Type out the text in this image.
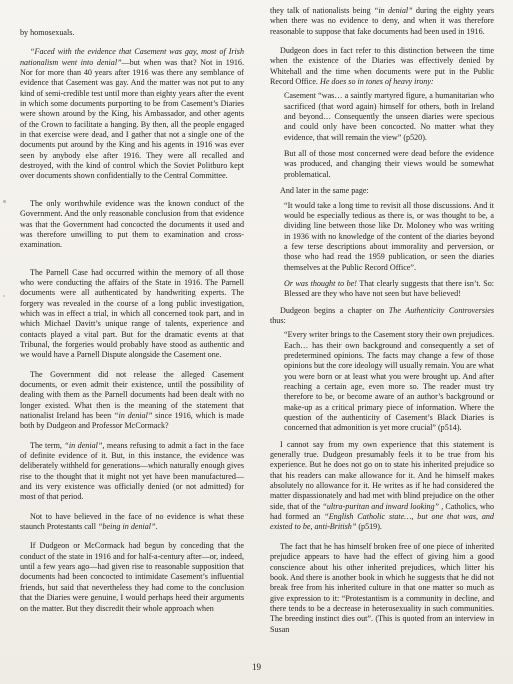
by homosexuals.

“Faced with the evidence that Casement was gay, most of Irish nationalism went into denial”—but when was that? Not in 1916. Nor for more than 40 years after 1916 was there any semblance of evidence that Casement was gay. And the matter was not put to any kind of semi-credible test until more than eighty years after the event in which some documents purporting to be from Casement’s Diaries were shown around by the King, his Ambassador, and other agents of the Crown to facilitate a hanging. By then, all the people engaged in that exercise were dead, and I gather that not a single one of the documents put around by the King and his agents in 1916 was ever seen by anybody else after 1916. They were all recalled and destroyed, with the kind of control which the Soviet Politburo kept over documents shown confidentially to the Central Committee.

The only worthwhile evidence was the known conduct of the Government. And the only reasonable conclusion from that evidence was that the Government had concocted the documents it used and was therefore unwilling to put them to examination and cross-examination.

The Parnell Case had occurred within the memory of all those who were conducting the affairs of the State in 1916. The Parnell documents were all authenticated by handwriting experts. The forgery was revealed in the course of a long public investigation, which was in effect a trial, in which all concerned took part, and in which Michael Davitt’s unique range of talents, experience and contacts played a vital part. But for the dramatic events at that Tribunal, the forgeries would probably have stood as authentic and we would have a Parnell Dispute alongside the Casement one.

The Government did not release the alleged Casement documents, or even admit their existence, until the possibility of dealing with them as the Parnell documents had been dealt with no longer existed. What then is the meaning of the statement that nationalist Ireland has been “in denial” since 1916, which is made both by Dudgeon and Professor McCormack?

The term, “in denial”, means refusing to admit a fact in the face of definite evidence of it. But, in this instance, the evidence was deliberately withheld for generations—which naturally enough gives rise to the thought that it might not yet have been manufactured—and its very existence was officially denied (or not admitted) for most of that period.

Not to have believed in the face of no evidence is what these staunch Protestants call “being in denial”.

If Dudgeon or McCormack had begun by conceding that the conduct of the state in 1916 and for half-a-century after—or, indeed, until a few years ago—had given rise to reasonable supposition that documents had been concocted to intimidate Casement’s influential friends, but said that nevertheless they had come to the conclusion that the Diaries were genuine, I would perhaps heed their arguments on the matter. But they discredit their whole approach when

they talk of nationalists being “in denial” during the eighty years when there was no evidence to deny, and when it was therefore reasonable to suppose that fake documents had been used in 1916.

Dudgeon does in fact refer to this distinction between the time when the existence of the Diaries was effectively denied by Whitehall and the time when documents were put in the Public Record Office. He does so in tones of heavy irony:

Casement “was… a saintly martyred figure, a humanitarian who sacrificed (that word again) himself for others, both in Ireland and beyond… Consequently the unseen diaries were specious and could only have been concocted. No matter what they evidence, that will remain the view” (p520).

But all of those most concerned were dead before the evidence was produced, and changing their views would be somewhat problematical.

And later in the same page:

“It would take a long time to revisit all those discussions. And it would be especially tedious as there is, or was thought to be, a dividing line between those like Dr. Moloney who was writing in 1936 with no knowledge of the content of the diaries beyond a few terse descriptions about immorality and perversion, or those who had read the 1959 publication, or seen the diaries themselves at the Public Record Office”.

Or was thought to be! That clearly suggests that there isn’t. So: Blessed are they who have not seen but have believed!

Dudgeon begins a chapter on The Authenticity Controversies thus:

“Every writer brings to the Casement story their own prejudices. Each… has their own background and consequently a set of predetermined opinions. The facts may change a few of those opinions but the core ideology will usually remain. You are what you were born or at least what you were brought up. And after reaching a certain age, even more so. The reader must try therefore to be, or become aware of an author’s background or make-up as a critical primary piece of information. Where the question of the authenticity of Casement’s Black Diaries is concerned that admonition is yet more crucial” (p514).

I cannot say from my own experience that this statement is generally true. Dudgeon presumably feels it to be true from his experience. But he does not go on to state his inherited prejudice so that his readers can make allowance for it. And he himself makes absolutely no allowance for it. He writes as if he had considered the matter dispassionately and had met with blind prejudice on the other side, that of the “ultra-puritan and inward looking” , Catholics, who had formed an “English Catholic state…, but one that was, and existed to be, anti-British” (p519).

The fact that he has himself broken free of one piece of inherited prejudice appears to have had the effect of giving him a good conscience about his other inherited prejudices, which litter his book. And there is another book in which he suggests that he did not break free from his inherited culture in that one matter so much as give expression to it: “Protestantism is a community in decline, and there tends to be a decrease in heterosexuality in such communities. The breeding instinct dies out”. (This is quoted from an interview in Susan

19
